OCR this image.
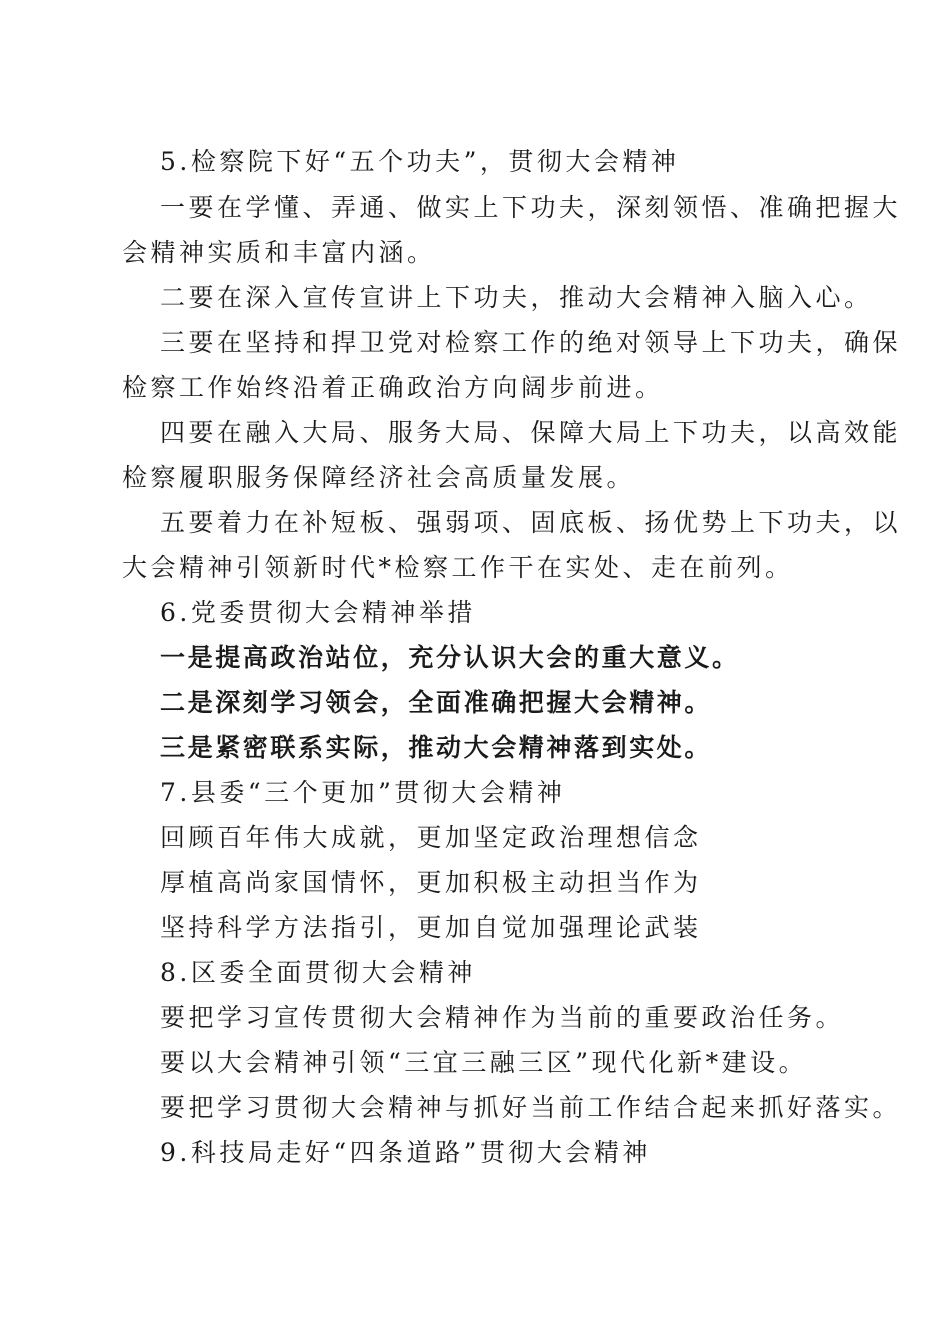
5.检察院下好“五个功夫”，贯彻大会精神
一要在学懂、弄通、做实上下功夫，深刻领悟、准确把握大
会精神实质和丰富内涵。
二要在深入宣传宣讲上下功夫，推动大会精神入脑入心。
三要在坚持和捍卫党对检察工作的绝对领导上下功夫，确保
检察工作始终沿着正确政治方向阔步前进。
四要在融入大局、服务大局、保障大局上下功夫，以高效能
检察履职服务保障经济社会高质量发展。
五要着力在补短板、强弱项、固底板、扬优势上下功夫，以
大会精神引领新时代*检察工作干在实处、走在前列。
6.党委贯彻大会精神举措
一是提高政治站位，充分认识大会的重大意义。
二是深刻学习领会，全面准确把握大会精神。
三是紧密联系实际，推动大会精神落到实处。
7.县委“三个更加”贯彻大会精神
回顾百年伟大成就，更加坚定政治理想信念
厚植高尚家国情怀，更加积极主动担当作为
坚持科学方法指引，更加自觉加强理论武装
8.区委全面贯彻大会精神
要把学习宣传贯彻大会精神作为当前的重要政治任务。
要以大会精神引领“三宜三融三区”现代化新*建设。
要把学习贯彻大会精神与抓好当前工作结合起来抓好落实。
9.科技局走好“四条道路”贯彻大会精神
